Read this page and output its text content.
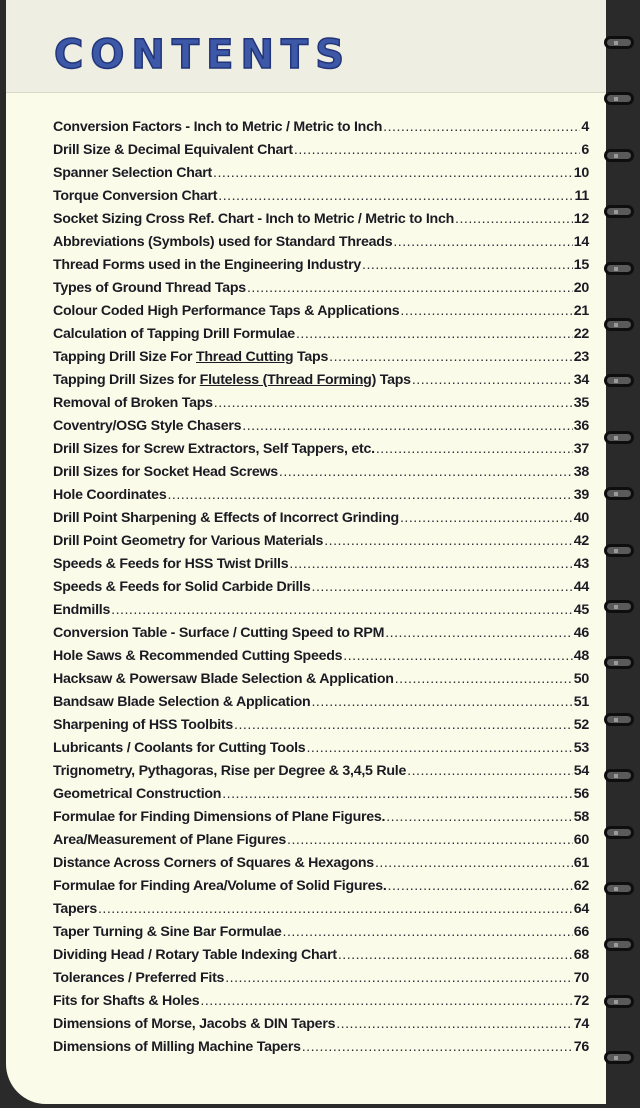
CONTENTS
Conversion Factors - Inch to Metric / Metric to Inch .....	4
Drill Size & Decimal Equivalent Chart .....	6
Spanner Selection Chart .....	10
Torque Conversion Chart .....	11
Socket Sizing Cross Ref. Chart - Inch to Metric / Metric to Inch .....	12
Abbreviations (Symbols) used for Standard Threads .....	14
Thread Forms used in the Engineering Industry .....	15
Types of Ground Thread Taps .....	20
Colour Coded High Performance Taps & Applications .....	21
Calculation of Tapping Drill Formulae .....	22
Tapping Drill Size For Thread Cutting Taps .....	23
Tapping Drill Sizes for Fluteless (Thread Forming) Taps .....	34
Removal of Broken Taps .....	35
Coventry/OSG Style Chasers .....	36
Drill Sizes for Screw Extractors, Self Tappers, etc. .....	37
Drill Sizes for Socket Head Screws .....	38
Hole Coordinates .....	39
Drill Point Sharpening & Effects of Incorrect Grinding .....	40
Drill Point Geometry for Various Materials .....	42
Speeds & Feeds for HSS Twist Drills .....	43
Speeds & Feeds for Solid Carbide Drills .....	44
Endmills .....	45
Conversion Table - Surface / Cutting Speed to RPM .....	46
Hole Saws & Recommended Cutting Speeds .....	48
Hacksaw & Powersaw Blade Selection & Application .....	50
Bandsaw Blade Selection & Application .....	51
Sharpening of HSS Toolbits .....	52
Lubricants / Coolants for Cutting Tools .....	53
Trignometry, Pythagoras, Rise per Degree & 3,4,5 Rule .....	54
Geometrical Construction .....	56
Formulae for Finding Dimensions of Plane Figures. .....	58
Area/Measurement of Plane Figures .....	60
Distance Across Corners of Squares & Hexagons .....	61
Formulae for Finding Area/Volume of Solid Figures. .....	62
Tapers .....	64
Taper Turning & Sine Bar Formulae .....	66
Dividing Head / Rotary Table Indexing Chart .....	68
Tolerances / Preferred Fits .....	70
Fits for Shafts & Holes .....	72
Dimensions of Morse, Jacobs & DIN Tapers .....	74
Dimensions of Milling Machine Tapers .....	76
